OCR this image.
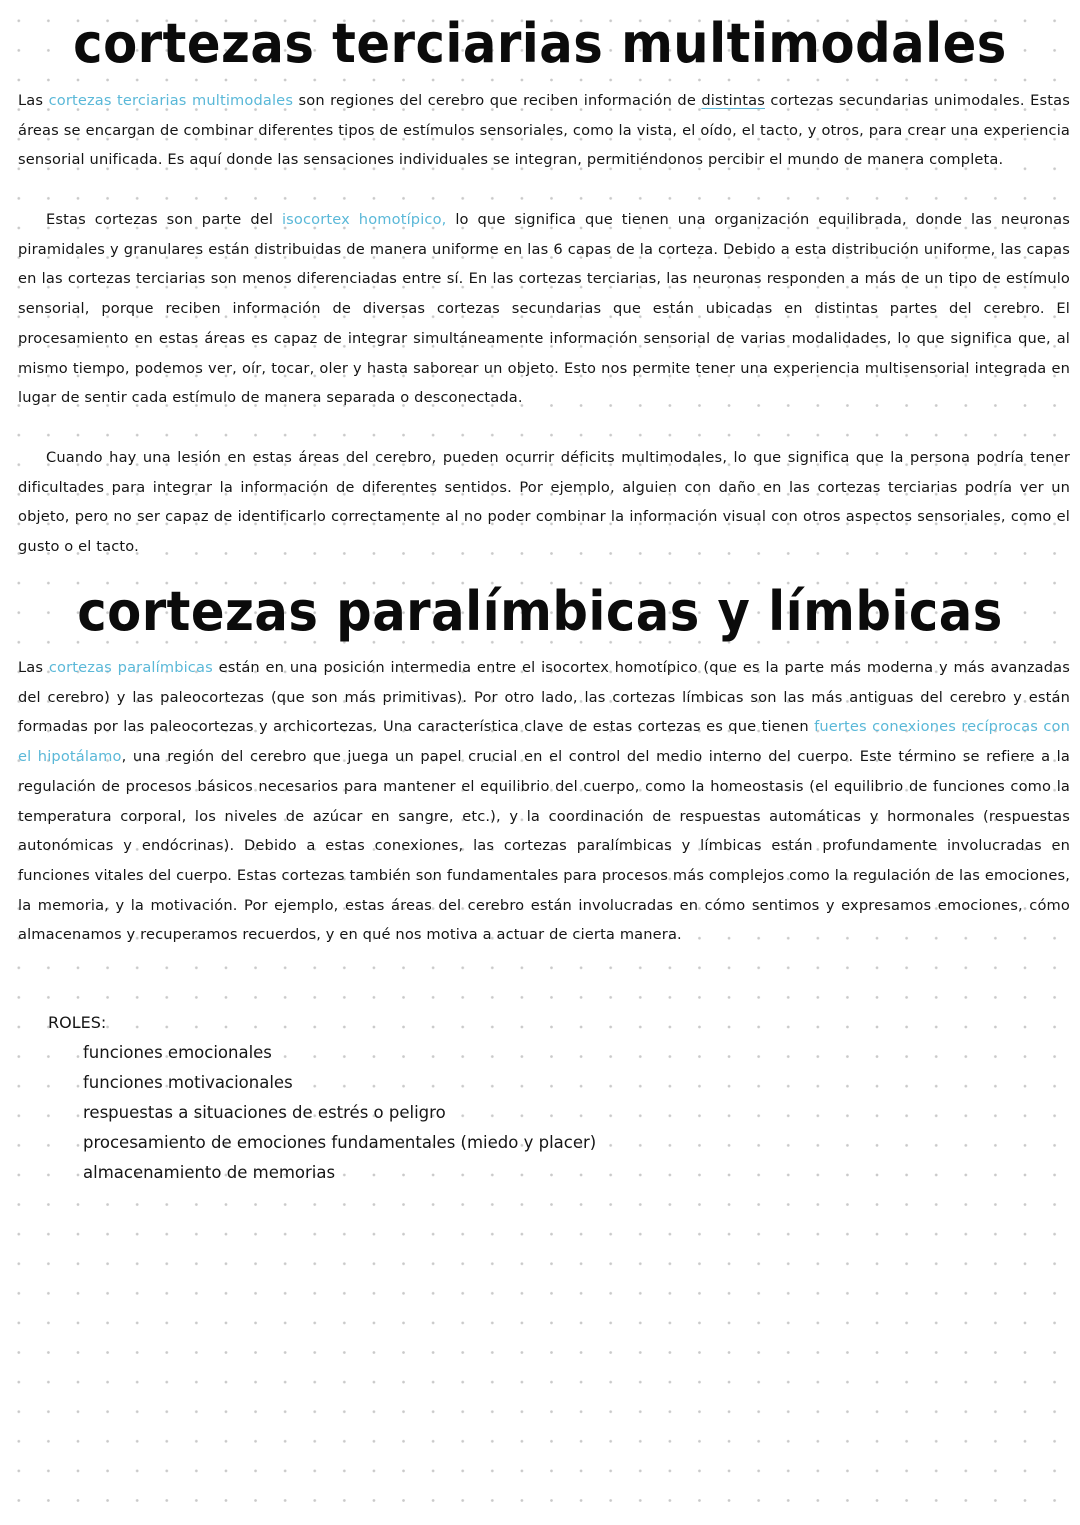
cortezas terciarias multimodales

Las cortezas terciarias multimodales son regiones del cerebro que reciben información de distintas cortezas secundarias unimodales. Estas áreas se encargan de combinar diferentes tipos de estímulos sensoriales, como la vista, el oído, el tacto, y otros, para crear una experiencia sensorial unificada. Es aquí donde las sensaciones individuales se integran, permitiéndonos percibir el mundo de manera completa.

Estas cortezas son parte del isocortex homotípico, lo que significa que tienen una organización equilibrada, donde las neuronas piramidales y granulares están distribuidas de manera uniforme en las 6 capas de la corteza. Debido a esta distribución uniforme, las capas en las cortezas terciarias son menos diferenciadas entre sí. En las cortezas terciarias, las neuronas responden a más de un tipo de estímulo sensorial, porque reciben información de diversas cortezas secundarias que están ubicadas en distintas partes del cerebro. El procesamiento en estas áreas es capaz de integrar simultáneamente información sensorial de varias modalidades, lo que significa que, al mismo tiempo, podemos ver, oír, tocar, oler y hasta saborear un objeto. Esto nos permite tener una experiencia multisensorial integrada en lugar de sentir cada estímulo de manera separada o desconectada.

Cuando hay una lesión en estas áreas del cerebro, pueden ocurrir déficits multimodales, lo que significa que la persona podría tener dificultades para integrar la información de diferentes sentidos. Por ejemplo, alguien con daño en las cortezas terciarias podría ver un objeto, pero no ser capaz de identificarlo correctamente al no poder combinar la información visual con otros aspectos sensoriales, como el gusto o el tacto.

cortezas paralímbicas y límbicas

Las cortezas paralímbicas están en una posición intermedia entre el isocortex homotípico (que es la parte más moderna y más avanzadas del cerebro) y las paleocortezas (que son más primitivas). Por otro lado, las cortezas límbicas son las más antiguas del cerebro y están formadas por las paleocortezas y archicortezas. Una característica clave de estas cortezas es que tienen fuertes conexiones recíprocas con el hipotálamo, una región del cerebro que juega un papel crucial en el control del medio interno del cuerpo. Este término se refiere a la regulación de procesos básicos necesarios para mantener el equilibrio del cuerpo, como la homeostasis (el equilibrio de funciones como la temperatura corporal, los niveles de azúcar en sangre, etc.), y la coordinación de respuestas automáticas y hormonales (respuestas autonómicas y endócrinas). Debido a estas conexiones, las cortezas paralímbicas y límbicas están profundamente involucradas en funciones vitales del cuerpo. Estas cortezas también son fundamentales para procesos más complejos como la regulación de las emociones, la memoria, y la motivación. Por ejemplo, estas áreas del cerebro están involucradas en cómo sentimos y expresamos emociones, cómo almacenamos y recuperamos recuerdos, y en qué nos motiva a actuar de cierta manera.

ROLES:

funciones emocionales
funciones motivacionales
respuestas a situaciones de estrés o peligro
procesamiento de emociones fundamentales (miedo y placer)
almacenamiento de memorias
